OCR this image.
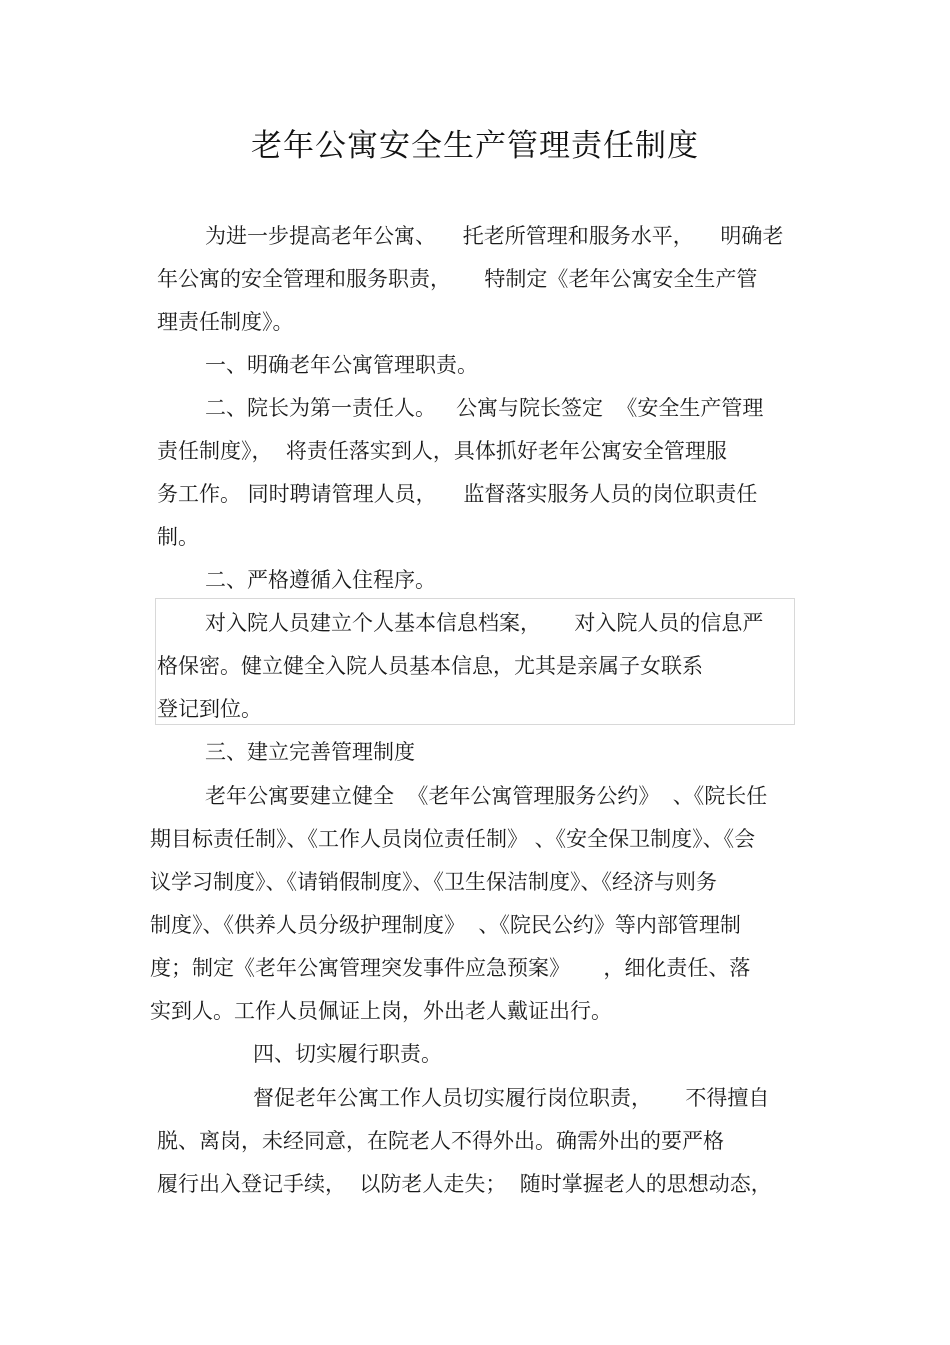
老年公寓安全生产管理责任制度
为进一步提高老年公寓、    托老所管理和服务水平，    明确老
年公寓的安全管理和服务职责，     特制定《老年公寓安全生产管
理责任制度》。
一、明确老年公寓管理职责。
二、院长为第一责任人。   公寓与院长签定  《安全生产管理
责任制度》，  将责任落实到人，具体抓好老年公寓安全管理服
务工作。 同时聘请管理人员，    监督落实服务人员的岗位职责任
制。
二、严格遵循入住程序。
对入院人员建立个人基本信息档案，     对入院人员的信息严
格保密。健立健全入院人员基本信息，尤其是亲属子女联系
登记到位。
三、建立完善管理制度
老年公寓要建立健全  《老年公寓管理服务公约》  、《院长任
期目标责任制》、《工作人员岗位责任制》 、《安全保卫制度》、《会
议学习制度》、《请销假制度》、《卫生保洁制度》、《经济与则务
制度》、《供养人员分级护理制度》  、《院民公约》等内部管理制
度；制定《老年公寓管理突发事件应急预案》     ，细化责任、落
实到人。工作人员佩证上岗，外出老人戴证出行。
四、切实履行职责。
督促老年公寓工作人员切实履行岗位职责，     不得擅自
脱、离岗，未经同意，在院老人不得外出。确需外出的要严格
履行出入登记手续，  以防老人走失；  随时掌握老人的思想动态，
